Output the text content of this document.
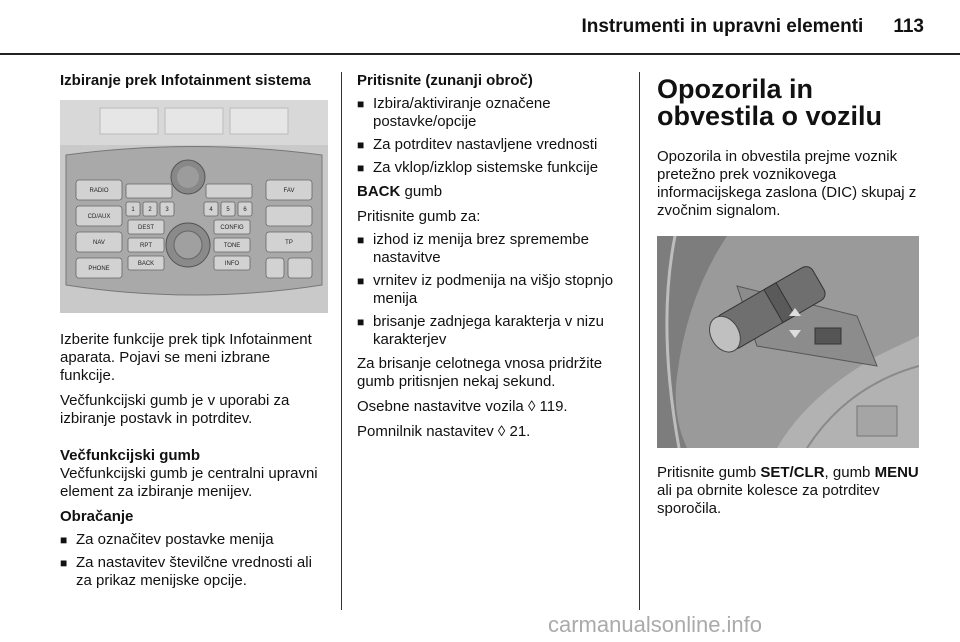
Instrumenti in upravni elementi 113
Izbiranje prek Infotainment sistema
RADIO
CD/AUX
NAV
PHONE
FAV
TP
DEST	CONFIG
RPT	TONE
BACK	INFO
1 2 3	4 5 6

Izberite funkcije prek tipk Infotainment aparata. Pojavi se meni izbrane funkcije.

Večfunkcijski gumb je v uporabi za izbiranje postavk in potrditev.

Večfunkcijski gumb

Večfunkcijski gumb je centralni upravni element za izbiranje menijev.

Obračanje
■ Za označitev postavke menija
■ Za nastavitev številčne vrednosti ali za prikaz menijske opcije.
Pritisnite (zunanji obroč)
■ Izbira/aktiviranje označene postavke/opcije
■ Za potrditev nastavljene vrednosti
■ Za vklop/izklop sistemske funkcije

BACK gumb

Pritisnite gumb za:

■ izhod iz menija brez spremembe nastavitve
■ vrnitev iz podmenija na višjo stopnjo menija
■ brisanje zadnjega karakterja v nizu karakterjev

Za brisanje celotnega vnosa pridržite gumb pritisnjen nekaj sekund.

Osebne nastavitve vozila ◊ 119.

Pomnilnik nastavitev ◊ 21.

Opozorila in obvestila o vozilu

Opozorila in obvestila prejme voznik pretežno prek voznikovega informacijskega zaslona (DIC) skupaj z zvočnim signalom.

Pritisnite gumb SET/CLR, gumb MENU ali pa obrnite kolesce za potrditev sporočila.

carmanualsonline.info
